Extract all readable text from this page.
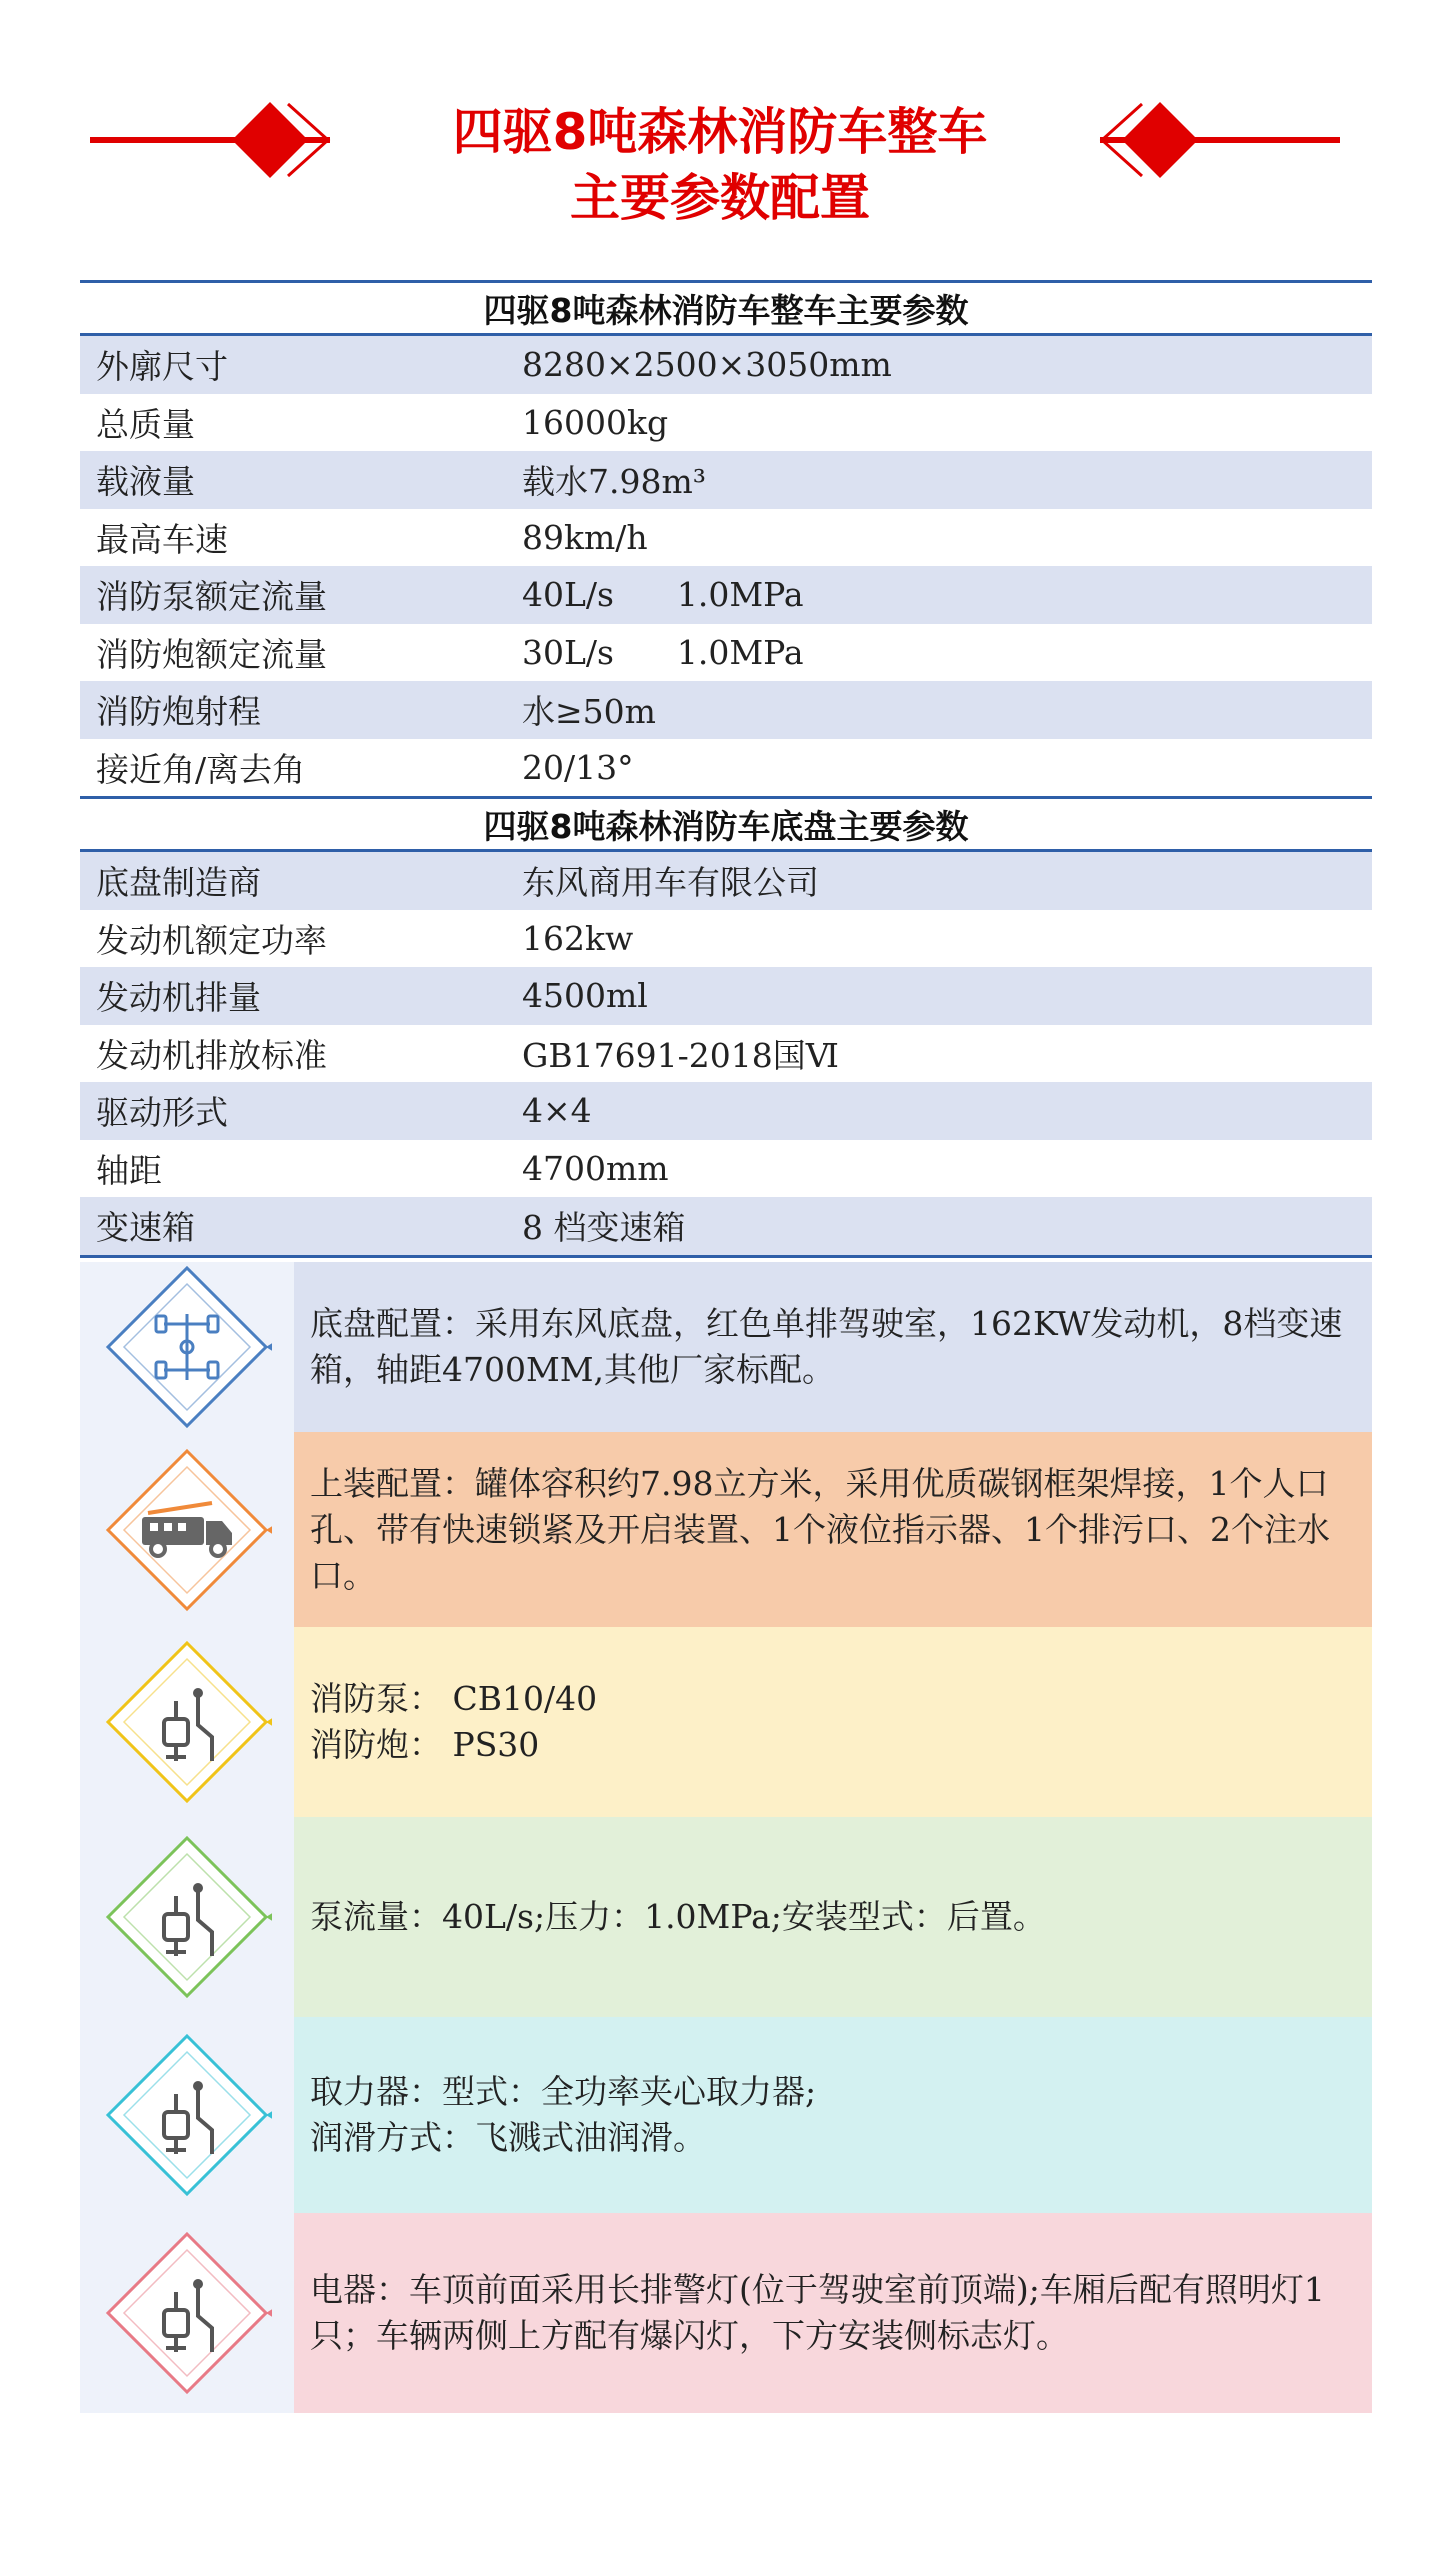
四驱8吨森林消防车整车
主要参数配置
四驱8吨森林消防车整车主要参数
外廓尺寸	8280×2500×3050mm
总质量	16000kg
载液量	载水7.98m³
最高车速	89km/h
消防泵额定流量	40L/s      1.0MPa
消防炮额定流量	30L/s      1.0MPa
消防炮射程	水≥50m
接近角/离去角	20/13°
四驱8吨森林消防车底盘主要参数
底盘制造商	东风商用车有限公司
发动机额定功率	162kw
发动机排量	4500ml
发动机排放标准	GB17691-2018国Ⅵ
驱动形式	4×4
轴距	4700mm
变速箱	8 档变速箱
底盘配置：采用东风底盘，红色单排驾驶室，162KW发动机，8档变速箱，轴距4700MM,其他厂家标配。
上装配置：罐体容积约7.98立方米，采用优质碳钢框架焊接，1个人口孔、带有快速锁紧及开启装置、1个液位指示器、1个排污口、2个注水口。
消防泵： CB10/40
消防炮： PS30
泵流量：40L/s;压力：1.0MPa;安装型式：后置。
取力器：型式：全功率夹心取力器;
润滑方式：飞溅式油润滑。
电器：车顶前面采用长排警灯(位于驾驶室前顶端);车厢后配有照明灯1只；车辆两侧上方配有爆闪灯，下方安装侧标志灯。
